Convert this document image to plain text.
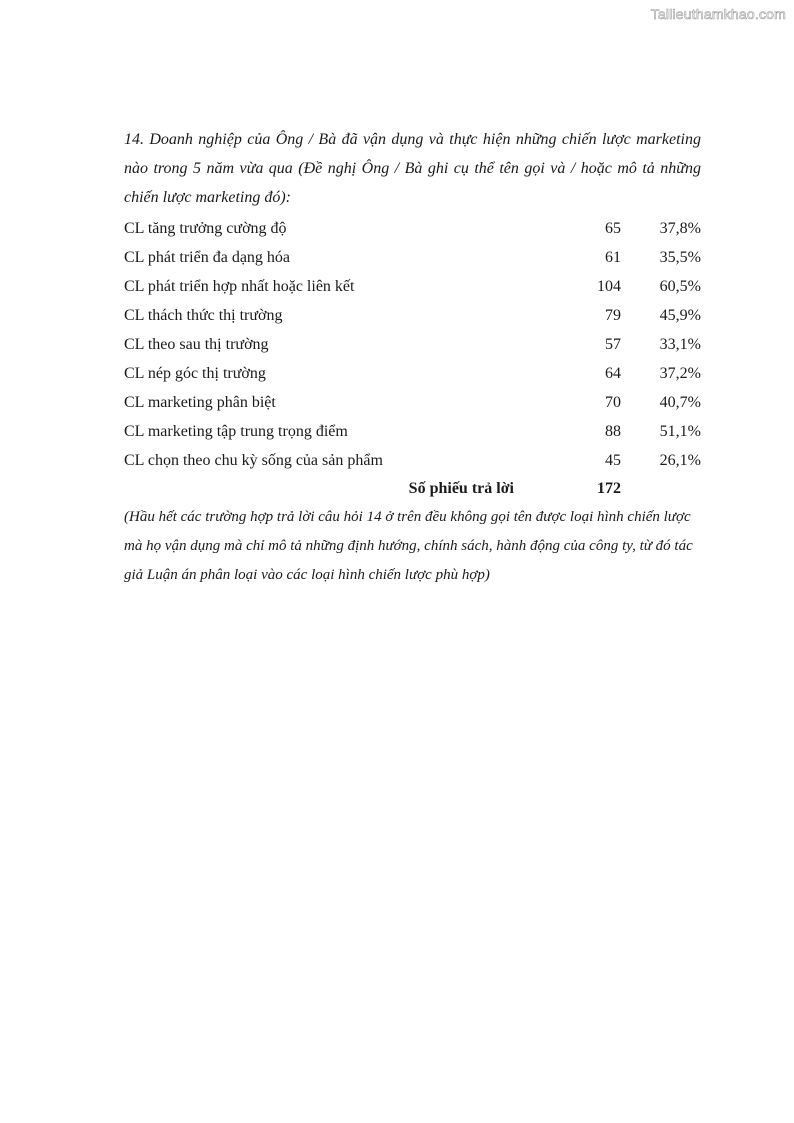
Tailieuthamkhao.com
14. Doanh nghiệp của Ông / Bà đã vận dụng và thực hiện những chiến lược marketing nào trong 5 năm vừa qua (Đề nghị Ông / Bà ghi cụ thể tên gọi và / hoặc mô tả những chiến lược marketing đó):
CL tăng trưởng cường độ	65 37,8%
CL phát triển đa dạng hóa	61 35,5%
CL phát triển hợp nhất hoặc liên kết	104 60,5%
CL thách thức thị trường	79 45,9%
CL theo sau thị trường	57 33,1%
CL nép góc thị trường	64 37,2%
CL marketing phân biệt	70 40,7%
CL marketing tập trung trọng điểm	88 51,1%
CL chọn theo chu kỳ sống của sản phẩm	45 26,1%
Số phiếu trả lời	172
(Hầu hết các trường hợp trả lời câu hỏi 14 ở trên đều không gọi tên được loại hình chiến lược mà họ vận dụng mà chỉ mô tả những định hướng, chính sách, hành động của công ty, từ đó tác giả Luận án phân loại vào các loại hình chiến lược phù hợp)
